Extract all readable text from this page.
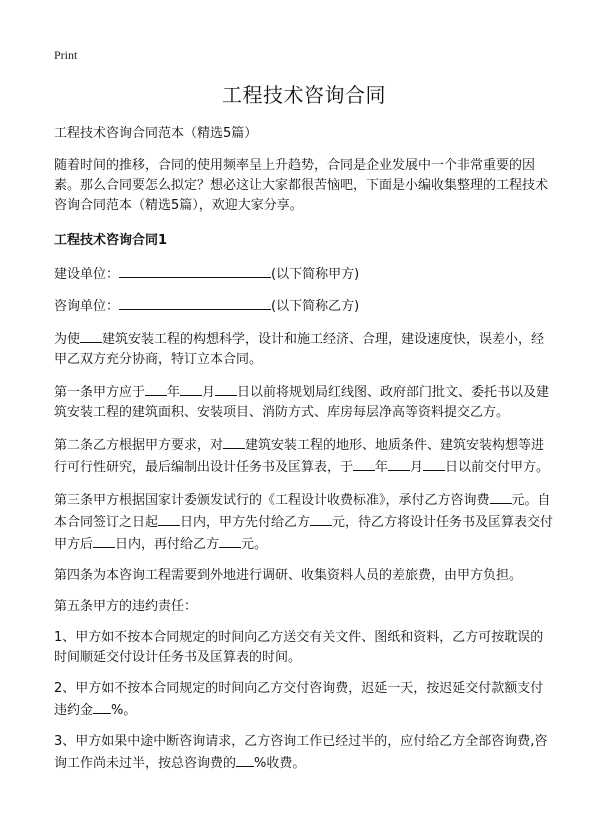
Print
工程技术咨询合同

工程技术咨询合同范本（精选5篇）

随着时间的推移，合同的使用频率呈上升趋势，合同是企业发展中一个非常重要的因素。那么合同要怎么拟定？想必这让大家都很苦恼吧，下面是小编收集整理的工程技术咨询合同范本（精选5篇），欢迎大家分享。

工程技术咨询合同1

建设单位：	(以下简称甲方)

咨询单位：	(以下简称乙方)

为使 建筑安装工程的构想科学，设计和施工经济、合理，建设速度快，误差小，经甲乙双方充分协商，特订立本合同。

第一条甲方应于 年 月 日以前将规划局红线图、政府部门批文、委托书以及建筑安装工程的建筑面积、安装项目、消防方式、库房每层净高等资料提交乙方。

第二条乙方根据甲方要求，对 建筑安装工程的地形、地质条件、建筑安装构想等进行可行性研究，最后编制出设计任务书及匡算表，于 年 月 日以前交付甲方。

第三条甲方根据国家计委颁发试行的《工程设计收费标准》，承付乙方咨询费 元。自本合同签订之日起 日内，甲方先付给乙方 元，待乙方将设计任务书及匡算表交付甲方后 日内，再付给乙方 元。

第四条为本咨询工程需要到外地进行调研、收集资料人员的差旅费，由甲方负担。

第五条甲方的违约责任：

1、甲方如不按本合同规定的时间向乙方送交有关文件、图纸和资料，乙方可按耽误的时间顺延交付设计任务书及匡算表的时间。

2、甲方如不按本合同规定的时间向乙方交付咨询费，迟延一天，按迟延交付款额支付违约金 %。

3、甲方如果中途中断咨询请求，乙方咨询工作已经过半的，应付给乙方全部咨询费,咨询工作尚未过半，按总咨询费的 %收费。
